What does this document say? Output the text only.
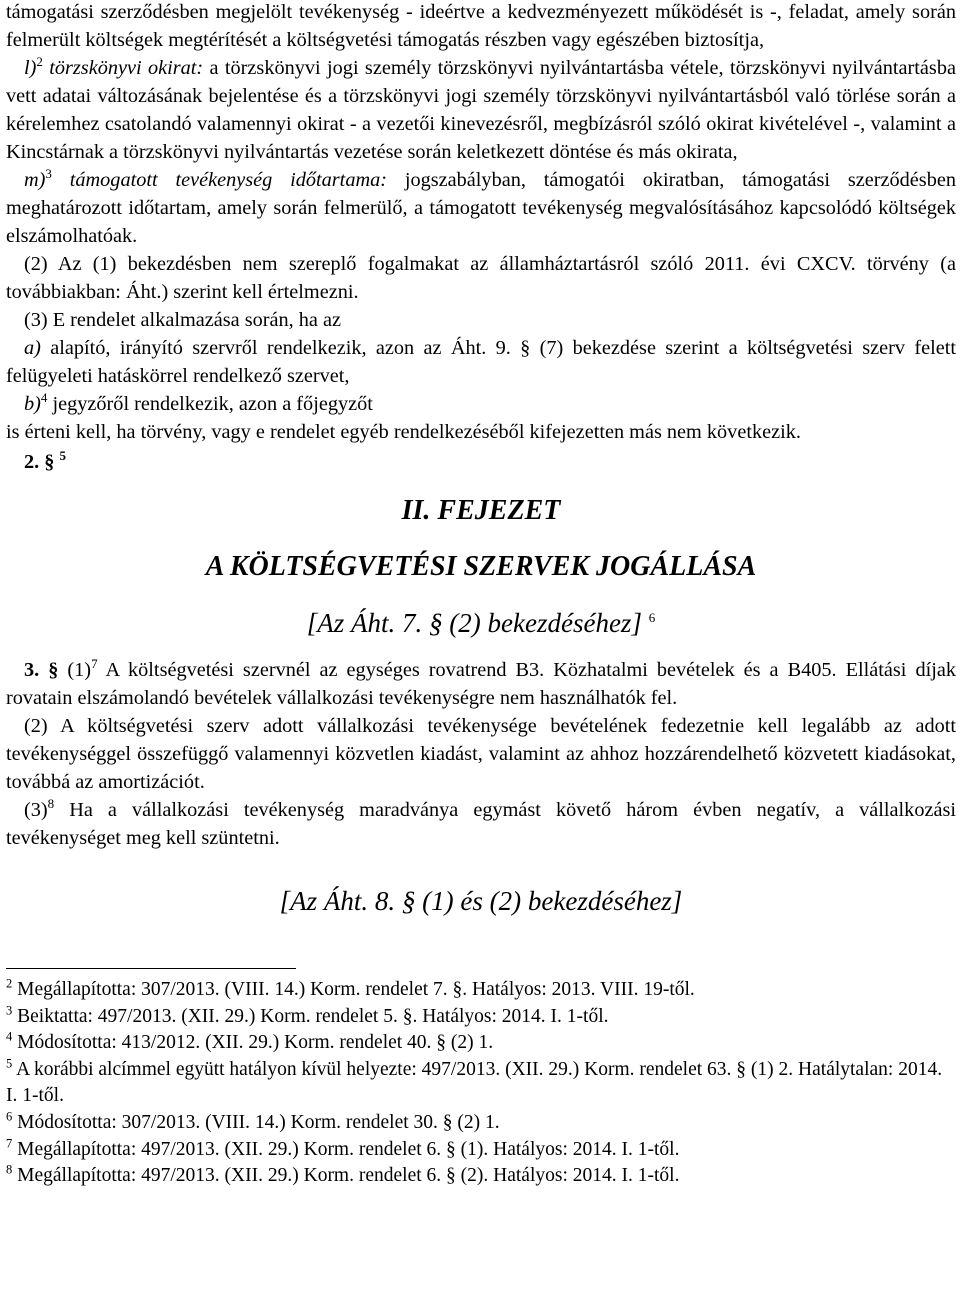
támogatási szerződésben megjelölt tevékenység - ideértve a kedvezményezett működését is -, feladat, amely során felmerült költségek megtérítését a költségvetési támogatás részben vagy egészében biztosítja,

l)$^2$ törzskönyvi okirat: a törzskönyvi jogi személy törzskönyvi nyilvántartásba vétele, törzskönyvi nyilvántartásba vett adatai változásának bejelentése és a törzskönyvi jogi személy törzskönyvi nyilvántartásból való törlése során a kérelemhez csatolandó valamennyi okirat - a vezetői kinevezésről, megbízásról szóló okirat kivételével -, valamint a Kincstárnak a törzskönyvi nyilvántartás vezetése során keletkezett döntése és más okirata,

m)$^3$ támogatott tevékenység időtartama: jogszabályban, támogatói okiratban, támogatási szerződésben meghatározott időtartam, amely során felmerülő, a támogatott tevékenység megvalósításához kapcsolódó költségek elszámolhatóak.

(2) Az (1) bekezdésben nem szereplő fogalmakat az államháztartásról szóló 2011. évi CXCV. törvény (a továbbiakban: Áht.) szerint kell értelmezni.

(3) E rendelet alkalmazása során, ha az

a) alapító, irányító szervről rendelkezik, azon az Áht. 9. § (7) bekezdése szerint a költségvetési szerv felett felügyeleti hatáskörrel rendelkező szervet,

b)$^4$ jegyzőről rendelkezik, azon a főjegyzőt

is érteni kell, ha törvény, vagy e rendelet egyéb rendelkezéséből kifejezetten más nem következik.

2. § $^5$

II. FEJEZET

A KÖLTSÉGVETÉSI SZERVEK JOGÁLLÁSA

[Az Áht. 7. § (2) bekezdéséhez] $^6$

3. § $(1)^7$ A költségvetési szervnél az egységes rovatrend B3. Közhatalmi bevételek és a B405. Ellátási díjak rovatain elszámolandó bevételek vállalkozási tevékenységre nem használhatók fel.

(2) A költségvetési szerv adott vállalkozási tevékenysége bevételének fedezetnie kell legalább az adott tevékenységgel összefüggő valamennyi közvetlen kiadást, valamint az ahhoz hozzárendelhető közvetett kiadásokat, továbbá az amortizációt.

$(3)^8$ Ha a vállalkozási tevékenység maradványa egymást követő három évben negatív, a vállalkozási tevékenységet meg kell szüntetni.

[Az Áht. 8. § (1) és (2) bekezdéséhez]

$^2$ Megállapította: 307/2013. (VIII. 14.) Korm. rendelet 7. §. Hatályos: 2013. VIII. 19-től.

$^3$ Beiktatta: 497/2013. (XII. 29.) Korm. rendelet 5. §. Hatályos: 2014. I. 1-től.

$^4$ Módosította: 413/2012. (XII. 29.) Korm. rendelet 40. § (2) 1.

$^5$ A korábbi alcímmel együtt hatályon kívül helyezte: 497/2013. (XII. 29.) Korm. rendelet 63. § (1) 2. Hatálytalan: 2014. I. 1-től.

$^6$ Módosította: 307/2013. (VIII. 14.) Korm. rendelet 30. § (2) 1.

$^7$ Megállapította: 497/2013. (XII. 29.) Korm. rendelet 6. § (1). Hatályos: 2014. I. 1-től.

$^8$ Megállapította: 497/2013. (XII. 29.) Korm. rendelet 6. § (2). Hatályos: 2014. I. 1-től.
